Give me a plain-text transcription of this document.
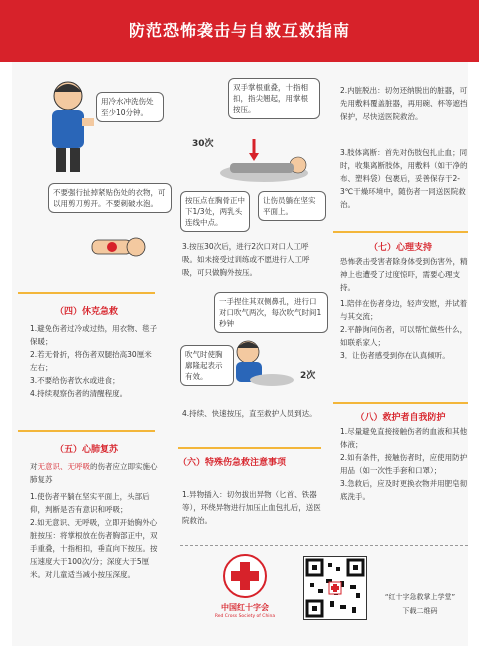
防范恐怖袭击与自救互救指南
用冷水冲洗伤处至少10分钟。
不要强行扯掉紧贴伤处的衣物，可以用剪刀剪开。不要刺破水泡。
（四）休克急救
1.避免伤者过冷或过热，用衣物、毯子保暖；
2.若无骨折，将伤者双腿抬高30厘米左右；
3.不要给伤者饮水或进食；
4.持续观察伤者的清醒程度。
（五）心肺复苏
对无意识、无呼吸的伤者应立即实施心肺复苏
1.使伤者平躺在坚实平面上，头部后仰，判断是否有意识和呼吸；
2.如无意识、无呼吸，立即开始胸外心脏按压：将掌根放在伤者胸部正中，双手重叠，十指相扣，垂直向下按压。按压速度大于100次/分；深度大于5厘米。对儿童适当减小按压深度。
双手掌根重叠，十指相扣，指尖翘起，用掌根按压。
30次
按压点在胸骨正中下1/3处，两乳头连线中点。
让伤员躺在坚实平面上。
3.按压30次后，进行2次口对口人工呼吸。如未接受过训练或不愿进行人工呼吸，可只做胸外按压。
一手捏住其双侧鼻孔，进行口对口吹气两次，每次吹气时间1秒钟
吹气时使胸廓隆起表示有效。	2次
4.持续、快速按压，直至救护人员到达。
（六）特殊伤急救注意事项
1.异物插入：切勿拔出异物（匕首、铁器等），环绕异物进行加压止血包扎后，送医院救治。
2.内脏脱出：切勿还纳脱出的脏器，可先用敷料覆盖脏器，再用碗、杯等遮挡保护，尽快送医院救治。
3.肢体离断：首先对伤肢包扎止血；同时，收集离断肢体，用敷料（如干净的布、塑料袋）包裹后，妥善保存于2-3℃干燥环境中，随伤者一同送医院救治。
（七）心理支持
恐怖袭击受害者除身体受到伤害外，精神上也遭受了过度惊吓，需要心理支持。
1.陪伴在伤者身边，轻声安慰，并试着与其交流；
2.平静询问伤者，可以帮忙做些什么，如联系家人；
3．让伤者感受到你在认真倾听。
（八）救护者自我防护
1.尽量避免直接接触伤者的血液和其他体液；
2.如有条件，接触伤者时，应使用防护用品（如一次性手套和口罩）；
3.急救后，应及时更换衣物并用肥皂彻底洗手。
中国红十字会
Red Cross Society of China
“红十字急救掌上学堂”
下载二维码
